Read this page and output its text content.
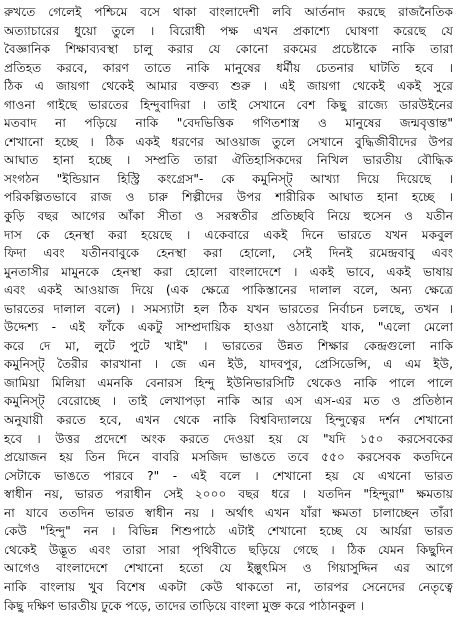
রুখতে গেলেই পশ্চিমে বসে থাকা বাংলাদেশী লবি আর্তনাদ করছে রাজনৈতিক
অত্যাচারের ধুয়ো তুলে । বিরোধী পক্ষ এখন প্রকাশ্যে ঘোষণা করেছে যে
বৈজ্ঞানিক শিক্ষাব্যবস্থা চালু করার যে কোনো রকমের প্রচেষ্টাকে নাকি তারা
প্রতিহত করবে, কারণ তাতে নাকি মানুষের ধর্মীয় চেতনার ঘাটতি হবে ।
ঠিক এ জায়গা থেকেই আমার বক্তব্য শুরু । এই জায়গা থেকেই একই সুরে
গাওনা গাইছে ভারতের হিন্দুবাদিরা । তাই সেখানে বেশ কিছু রাজ্যে ডারউইনের
মতবাদ না পড়িয়ে নাকি "বেদভিত্তিক গণিতশাস্ত্র ও মানুষের জন্মবৃত্তান্ত"
শেখানো হচ্ছে । ঠিক একই ধরণের আওয়াজ তুলে সেখানে বুদ্ধিজীবীদের উপর
আঘাত হানা হচ্ছে । সম্প্রতি তারা ঐতিহাসিকদের নিখিল ভারতীয় বৌদ্ধিক
সংগঠন "ইন্ডিয়ান হিস্ট্রি কংগ্রেস"- কে কমুনিস্ট্ আখ্যা দিয়ে দিয়েছে ।
পরিকল্পিতভাবে রাজ ও চারু শিল্পীদের উপর শারীরিক আঘাত হানা হচ্ছে ।
কুড়ি বছর আগের আঁকা সীতা ও সরস্বতীর প্রতিচ্ছবি নিয়ে হুসেন ও যতীন
দাস কে হেনস্থা করা হয়েছে । একেবারে একই দিনে ভারতে যখন মকবুল
ফিদা এবং যতীনবাবুকে হেনস্থা করা হোলো, সেই দিনই রমেন্দ্রবাবু এবং
মুনতাসীর মামুনকে হেনস্থা করা হোলো বাংলাদেশে । একই ভাবে, একই ভাষায়
এবং একই আওয়াজ দিয়ে (এক ক্ষেত্রে পাকিস্তানের দালাল বলে, অন্য ক্ষেত্রে
ভারতের দালাল বলে) । সমস্যাটা হল ঠিক যখন ভারতের নির্বাচন চলছে, তখন ।
উদ্দেশ্য - এই ফাঁকে একটু সাম্প্রদায়িক হাওয়া ওঠানোই যাক, "এলো মেলো
করে দে মা, লুটে পুটে খাই" । ভারতের উন্নত শিক্ষার কেন্দ্রগুলো নাকি
কমুনিস্ট্ তৈরীর কারখানা । জে এন ইউ, যাদবপুর, প্রেসিডেন্সি, এ এম ইউ,
জামিয়া মিলিয়া এমনকি বেনারস হিন্দু ইউনিভারসিটি থেকেও নাকি পালে পালে
কমুনিস্ট্ বেরোচ্ছে । তাই লেখাপড়া নাকি আর এস এস-এর মত ও প্রতিষ্ঠান
অনুযায়ী করতে হবে, এখন থেকে নাকি বিশ্ববিদ্যালয়ে হিন্দুত্বের দর্শন শেখানো
হবে । উত্তর প্রদেশে অংক করতে দেওয়া হয় যে "যদি ১৫০ করসেবকের
প্রয়োজন হয় তিন দিনে বাবরি মসজিদ ভাঙতে তবে ৫৫০ করসেবক কতদিনে
সেটাকে ভাঙতে পারবে ?" - এই বলে । শেখানো হয় যে এখনো ভারত
স্বাধীন নয়, ভারত পরাধীন সেই ২০০০ বছর ধরে । যতদিন "হিন্দুরা" ক্ষমতায়
না যাবে ততদিন ভারত স্বাধীন নয় । অর্থাৎ এখন যাঁরা ক্ষমতা চালাচ্ছেন তাঁরা
কেউ "হিন্দু" নন । বিভিন্ন শিশুপাঠে এটাই শেখানো হচ্ছে যে আর্যরা ভারত
থেকেই উদ্ভূত এবং তারা সারা পৃথিবীতে ছড়িয়ে গেছে । ঠিক যেমন কিছুদিন
আগেও বাংলাদেশে শেখানো হতো যে ইল্তুৎমিস ও গিয়াসুদ্দিন এর আগে
নাকি বাংলায় খুব বিশেষ একটা কেউ থাকতো না, তারপর সেনেদের নেতৃত্বে
কিছু দক্ষিণ ভারতীয় ঢুকে পড়ে, তাদের তাড়িয়ে বাংলা মুক্ত করে পাঠানকুল ।
